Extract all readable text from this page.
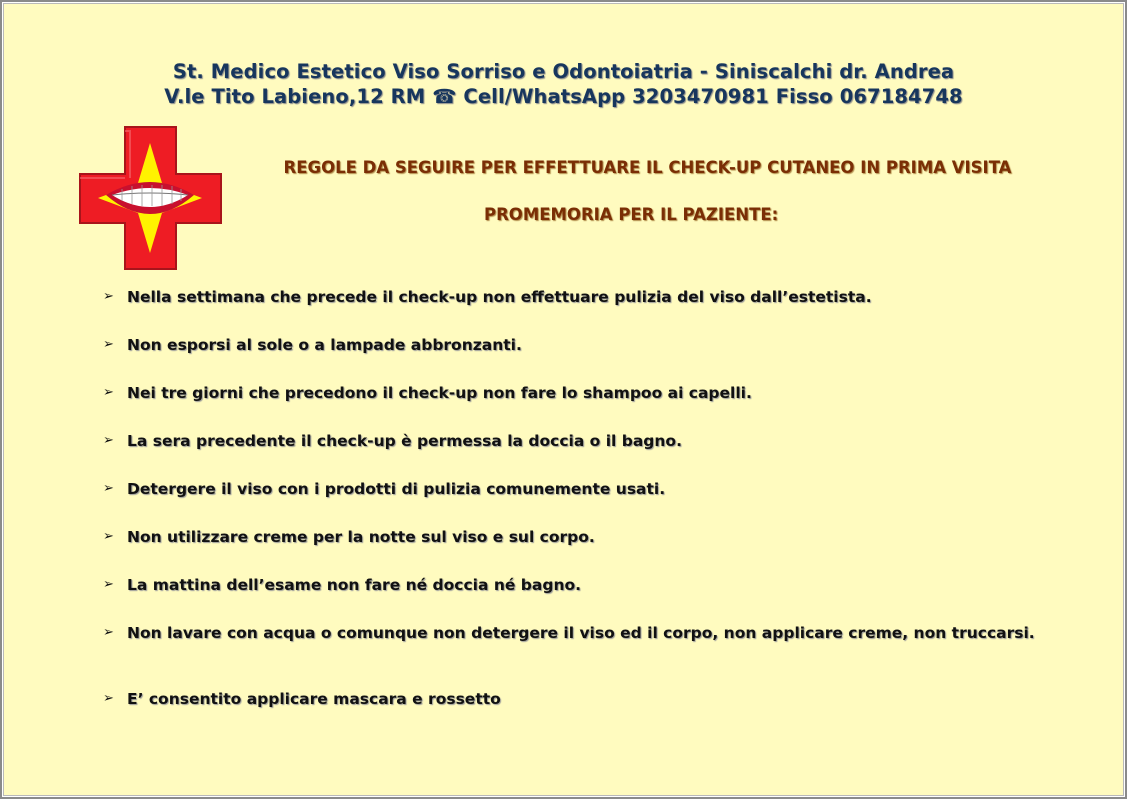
St. Medico Estetico Viso Sorriso e Odontoiatria - Siniscalchi dr. Andrea
V.le Tito Labieno,12 RM ☎ Cell/WhatsApp 3203470981 Fisso 067184748
REGOLE DA SEGUIRE PER EFFETTUARE IL CHECK-UP CUTANEO IN PRIMA VISITA
PROMEMORIA PER IL PAZIENTE:
➢ Nella settimana che precede il check-up non effettuare pulizia del viso dall’estetista.
➢ Non esporsi al sole o a lampade abbronzanti.
➢ Nei tre giorni che precedono il check-up non fare lo shampoo ai capelli.
➢ La sera precedente il check-up è permessa la doccia o il bagno.
➢ Detergere il viso con i prodotti di pulizia comunemente usati.
➢ Non utilizzare creme per la notte sul viso e sul corpo.
➢ La mattina dell’esame non fare né doccia né bagno.
➢ Non lavare con acqua o comunque non detergere il viso ed il corpo, non applicare creme, non truccarsi.
➢ E’ consentito applicare mascara e rossetto
